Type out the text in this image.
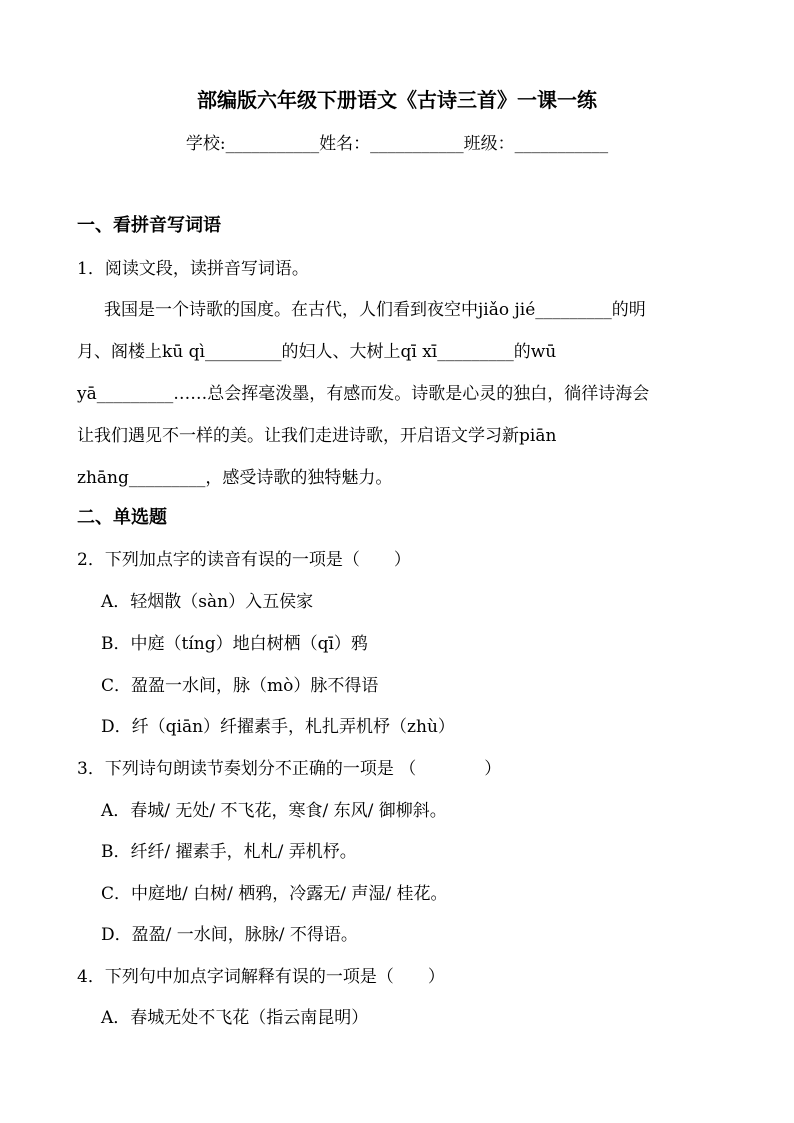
部编版六年级下册语文《古诗三首》一课一练
学校:___________姓名：___________班级：___________
一、看拼音写词语
1．阅读文段，读拼音写词语。
我国是一个诗歌的国度。在古代，人们看到夜空中jiǎo jié_________的明
月、阁楼上kū qì_________的妇人、大树上qī xī_________的wū
yā_________……总会挥毫泼墨，有感而发。诗歌是心灵的独白，徜徉诗海会
让我们遇见不一样的美。让我们走进诗歌，开启语文学习新piān
zhāng_________，感受诗歌的独特魅力。
二、单选题
2．下列加点字的读音有误的一项是（　　）
A．轻烟散（sàn）入五侯家
B．中庭（tíng）地白树栖（qī）鸦
C．盈盈一水间，脉（mò）脉不得语
D．纤（qiān）纤擢素手，札扎弄机杼（zhù）
3．下列诗句朗读节奏划分不正确的一项是 （　　　　）
A．春城/ 无处/ 不飞花，寒食/ 东风/ 御柳斜。
B．纤纤/ 擢素手，札札/ 弄机杼。
C．中庭地/ 白树/ 栖鸦，冷露无/ 声湿/ 桂花。
D．盈盈/ 一水间，脉脉/ 不得语。
4．下列句中加点字词解释有误的一项是（　　）
A．春城无处不飞花（指云南昆明）
